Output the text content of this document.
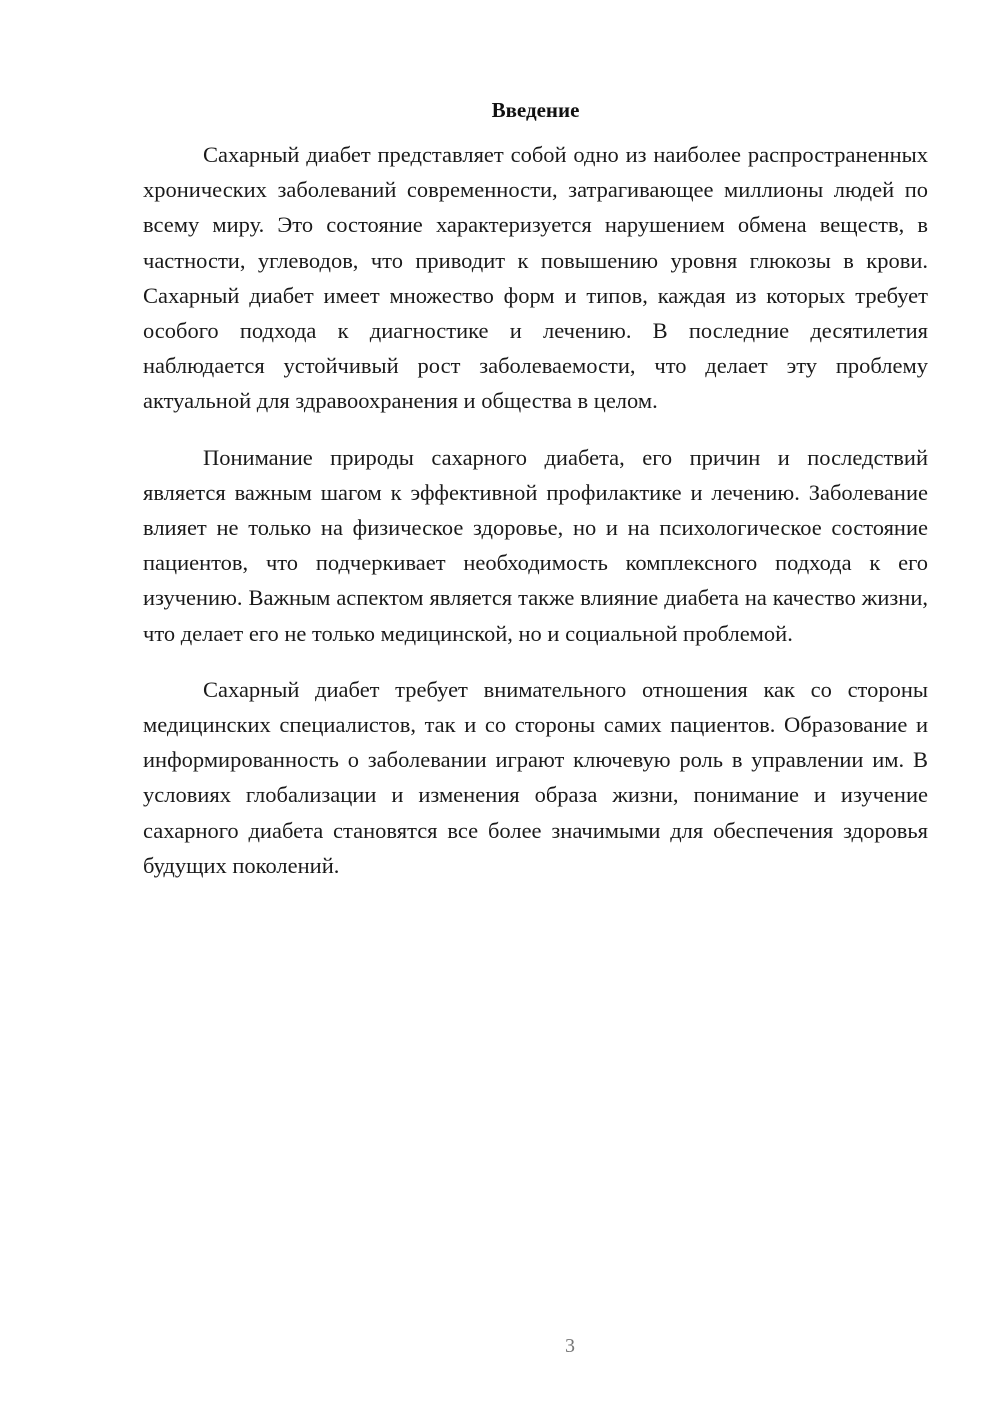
Введение

Сахарный диабет представляет собой одно из наиболее распространенных хронических заболеваний современности, затрагивающее миллионы людей по всему миру. Это состояние характеризуется нарушением обмена веществ, в частности, углеводов, что приводит к повышению уровня глюкозы в крови. Сахарный диабет имеет множество форм и типов, каждая из которых требует особого подхода к диагностике и лечению. В последние десятилетия наблюдается устойчивый рост заболеваемости, что делает эту проблему актуальной для здравоохранения и общества в целом.

Понимание природы сахарного диабета, его причин и последствий является важным шагом к эффективной профилактике и лечению. Заболевание влияет не только на физическое здоровье, но и на психологическое состояние пациентов, что подчеркивает необходимость комплексного подхода к его изучению. Важным аспектом является также влияние диабета на качество жизни, что делает его не только медицинской, но и социальной проблемой.

Сахарный диабет требует внимательного отношения как со стороны медицинских специалистов, так и со стороны самих пациентов. Образование и информированность о заболевании играют ключевую роль в управлении им. В условиях глобализации и изменения образа жизни, понимание и изучение сахарного диабета становятся все более значимыми для обеспечения здоровья будущих поколений.

3
